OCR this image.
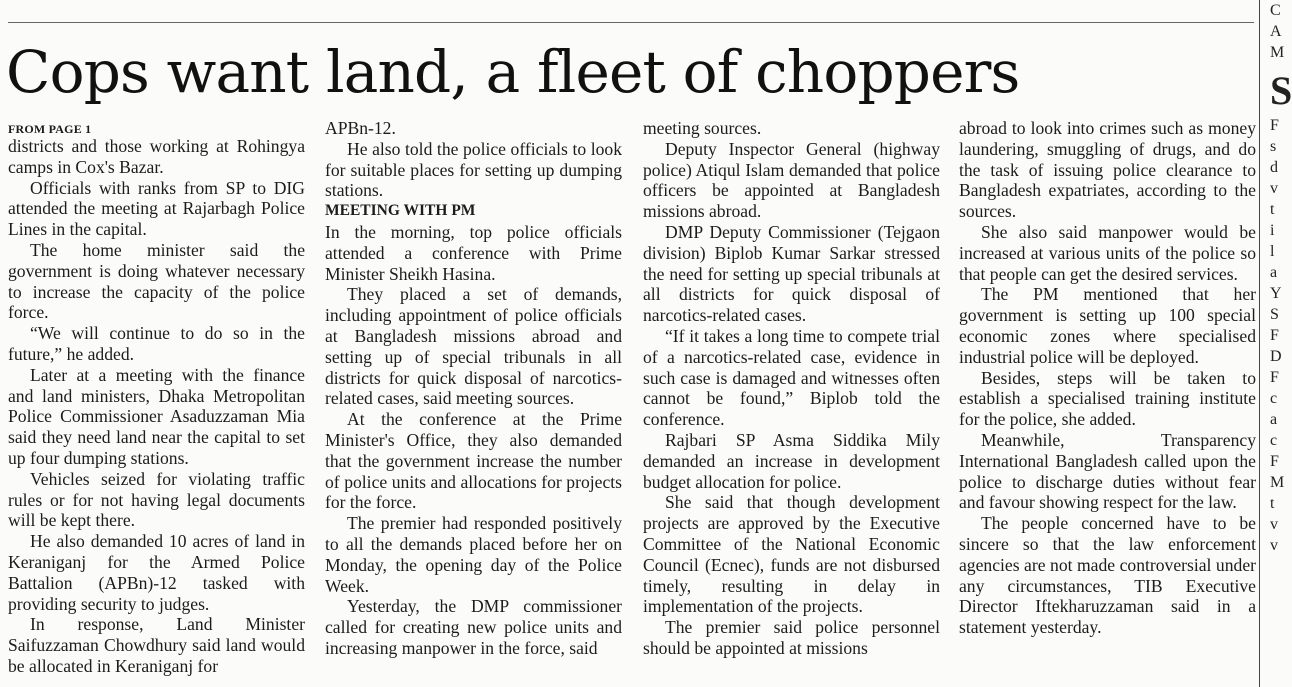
Cops want land, a fleet of choppers
FROM PAGE 1

districts and those working at Rohingya camps in Cox's Bazar.

Officials with ranks from SP to DIG attended the meeting at Rajarbagh Police Lines in the capital.

The home minister said the government is doing whatever necessary to increase the capacity of the police force.

“We will continue to do so in the future,” he added.

Later at a meeting with the finance and land ministers, Dhaka Metropolitan Police Commissioner Asaduzzaman Mia said they need land near the capital to set up four dumping stations.

Vehicles seized for violating traffic rules or for not having legal documents will be kept there.

He also demanded 10 acres of land in Keraniganj for the Armed Police Battalion (APBn)-12 tasked with providing security to judges.

In response, Land Minister Saifuzzaman Chowdhury said land would be allocated in Keraniganj for

APBn-12.

He also told the police officials to look for suitable places for setting up dumping stations.

MEETING WITH PM

In the morning, top police officials attended a conference with Prime Minister Sheikh Hasina.

They placed a set of demands, including appointment of police officials at Bangladesh missions abroad and setting up of special tribunals in all districts for quick disposal of narcotics-related cases, said meeting sources.

At the conference at the Prime Minister's Office, they also demanded that the government increase the number of police units and allocations for projects for the force.

The premier had responded positively to all the demands placed before her on Monday, the opening day of the Police Week.

Yesterday, the DMP commissioner called for creating new police units and increasing manpower in the force, said

meeting sources.

Deputy Inspector General (highway police) Atiqul Islam demanded that police officers be appointed at Bangladesh missions abroad.

DMP Deputy Commissioner (Tejgaon division) Biplob Kumar Sarkar stressed the need for setting up special tribunals at all districts for quick disposal of narcotics-related cases.

“If it takes a long time to compete trial of a narcotics-related case, evidence in such case is damaged and witnesses often cannot be found,” Biplob told the conference.

Rajbari SP Asma Siddika Mily demanded an increase in development budget allocation for police.

She said that though development projects are approved by the Executive Committee of the National Economic Council (Ecnec), funds are not disbursed timely, resulting in delay in implementation of the projects.

The premier said police personnel should be appointed at missions

abroad to look into crimes such as money laundering, smuggling of drugs, and do the task of issuing police clearance to Bangladesh expatriates, according to the sources.

She also said manpower would be increased at various units of the police so that people can get the desired services.

The PM mentioned that her government is setting up 100 special economic zones where specialised industrial police will be deployed.

Besides, steps will be taken to establish a specialised training institute for the police, she added.

Meanwhile, Transparency International Bangladesh called upon the police to discharge duties without fear and favour showing respect for the law.

The people concerned have to be sincere so that the law enforcement agencies are not made controversial under any circumstances, TIB Executive Director Iftekharuzzaman said in a statement yesterday.

C
A
M
S
F
s
d
v
t
i
l
a
Y
S
F
D
F
c
a
c
F
M
t
v
v
